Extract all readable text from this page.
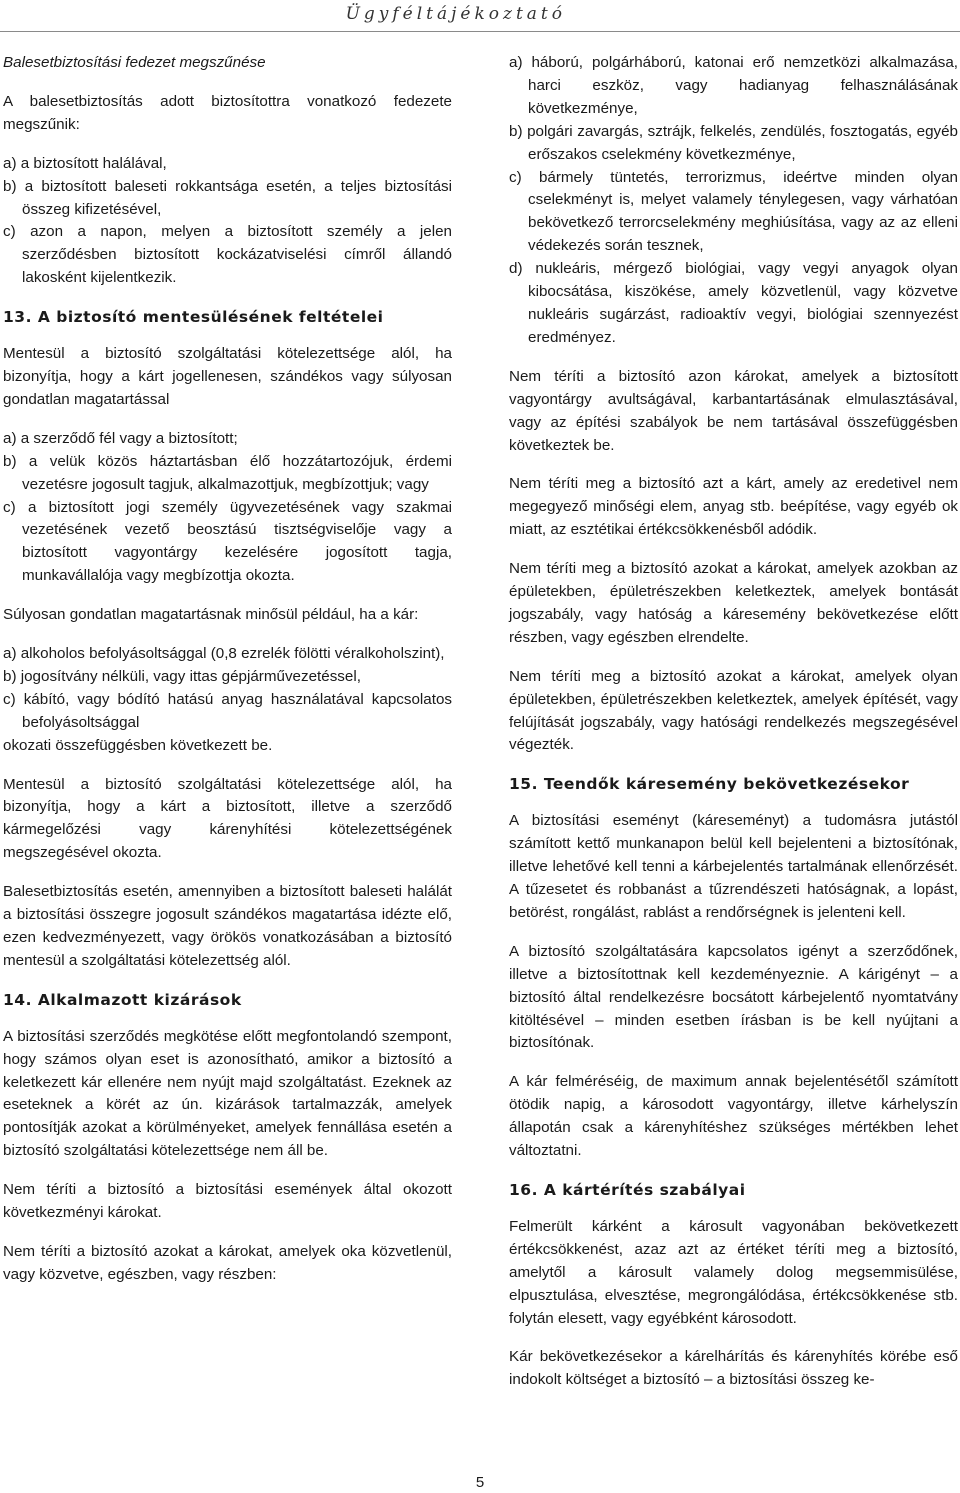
Ügyféltájékoztató
Balesetbiztosítási fedezet megszűnése

A balesetbiztosítás adott biztosítottra vonatkozó fedezete megszűnik:

a) a biztosított halálával,
b) a biztosított baleseti rokkantsága esetén, a teljes biztosítási összeg kifizetésével,
c) azon a napon, melyen a biztosított személy a jelen szerződésben biztosított kockázatviselési címről állandó lakosként kijelentkezik.
13. A biztosító mentesülésének feltételei

Mentesül a biztosító szolgáltatási kötelezettsége alól, ha bizonyítja, hogy a kárt jogellenesen, szándékos vagy súlyosan gondatlan magatartással

a) a szerződő fél vagy a biztosított;
b) a velük közös háztartásban élő hozzátartozójuk, érdemi vezetésre jogosult tagjuk, alkalmazottjuk, megbízottjuk; vagy
c) a biztosított jogi személy ügyvezetésének vagy szakmai vezetésének vezető beosztású tisztségviselője vagy a biztosított vagyontárgy kezelésére jogosított tagja, munkavállalója vagy megbízottja okozta.

Súlyosan gondatlan magatartásnak minősül például, ha a kár:

a) alkoholos befolyásoltsággal (0,8 ezrelék fölötti véralkoholszint),
b) jogosítvány nélküli, vagy ittas gépjárművezetéssel,
c) kábító, vagy bódító hatású anyag használatával kapcsolatos befolyásoltsággal

okozati összefüggésben következett be.

Mentesül a biztosító szolgáltatási kötelezettsége alól, ha bizonyítja, hogy a kárt a biztosított, illetve a szerződő kármegelőzési vagy kárenyhítési kötelezettségének megszegésével okozta.

Balesetbiztosítás esetén, amennyiben a biztosított baleseti halálát a biztosítási összegre jogosult szándékos magatartása idézte elő, ezen kedvezményezett, vagy örökös vonatkozásában a biztosító mentesül a szolgáltatási kötelezettség alól.

14. Alkalmazott kizárások

A biztosítási szerződés megkötése előtt megfontolandó szempont, hogy számos olyan eset is azonosítható, amikor a biztosító a keletkezett kár ellenére nem nyújt majd szolgáltatást. Ezeknek az eseteknek a körét az ún. kizárások tartalmazzák, amelyek pontosítják azokat a körülményeket, amelyek fennállása esetén a biztosító szolgáltatási kötelezettsége nem áll be.

Nem téríti a biztosító a biztosítási események által okozott következményi károkat.

Nem téríti a biztosító azokat a károkat, amelyek oka közvetlenül, vagy közvetve, egészben, vagy részben:

a) háború, polgárháború, katonai erő nemzetközi alkalmazása, harci eszköz, vagy hadianyag felhasználásának következménye,
b) polgári zavargás, sztrájk, felkelés, zendülés, fosztogatás, egyéb erőszakos cselekmény következménye,
c) bármely tüntetés, terrorizmus, ideértve minden olyan cselekményt is, melyet valamely ténylegesen, vagy várhatóan bekövetkező terrorcselekmény meghiúsítása, vagy az az elleni védekezés során tesznek,
d) nukleáris, mérgező biológiai, vagy vegyi anyagok olyan kibocsátása, kiszökése, amely közvetlenül, vagy közvetve nukleáris sugárzást, radioaktív vegyi, biológiai szennyezést eredményez.

Nem téríti a biztosító azon károkat, amelyek a biztosított vagyontárgy avultságával, karbantartásának elmulasztásával, vagy az építési szabályok be nem tartásával összefüggésben következtek be.

Nem téríti meg a biztosító azt a kárt, amely az eredetivel nem megegyező minőségi elem, anyag stb. beépítése, vagy egyéb ok miatt, az esztétikai értékcsökkenésből adódik.

Nem téríti meg a biztosító azokat a károkat, amelyek azokban az épületekben, épületrészekben keletkeztek, amelyek bontását jogszabály, vagy hatóság a káresemény bekövetkezése előtt részben, vagy egészben elrendelte.

Nem téríti meg a biztosító azokat a károkat, amelyek olyan épületekben, épületrészekben keletkeztek, amelyek építését, vagy felújítását jogszabály, vagy hatósági rendelkezés megszegésével végezték.

15. Teendők káresemény bekövetkezésekor

A biztosítási eseményt (káreseményt) a tudomásra jutástól számított kettő munkanapon belül kell bejelenteni a biztosítónak, illetve lehetővé kell tenni a kárbejelentés tartalmának ellenőrzését. A tűzesetet és robbanást a tűzrendészeti hatóságnak, a lopást, betörést, rongálást, rablást a rendőrségnek is jelenteni kell.

A biztosító szolgáltatására kapcsolatos igényt a szerződőnek, illetve a biztosítottnak kell kezdeményeznie. A kárigényt – a biztosító által rendelkezésre bocsátott kárbejelentő nyomtatvány kitöltésével – minden esetben írásban is be kell nyújtani a biztosítónak.

A kár felméréséig, de maximum annak bejelentésétől számított ötödik napig, a károsodott vagyontárgy, illetve kárhelyszín állapotán csak a kárenyhítéshez szükséges mértékben lehet változtatni.

16. A kártérítés szabályai

Felmerült kárként a károsult vagyonában bekövetkezett értékcsökkenést, azaz azt az értéket téríti meg a biztosító, amelytől a károsult valamely dolog megsemmisülése, elpusztulása, elvesztése, megrongálódása, értékcsökkenése stb. folytán elesett, vagy egyébként károsodott.

Kár bekövetkezésekor a kárelhárítás és kárenyhítés körébe eső indokolt költséget a biztosító – a biztosítási összeg ke-

5
